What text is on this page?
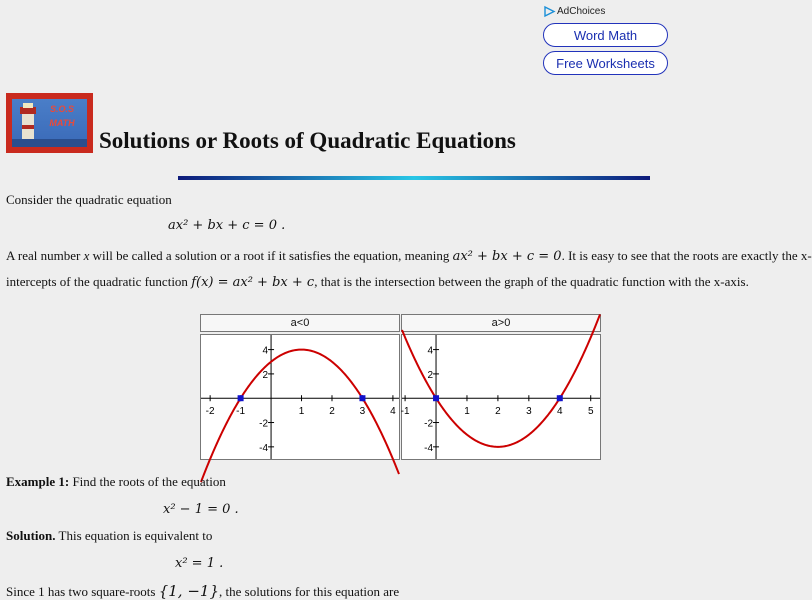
AdChoices
Word Math
Free Worksheets
S.O.S
MATH
Solutions or Roots of Quadratic Equations

Consider the quadratic equation

ax² + bx + c = 0 .

A real number x will be called a solution or a root if it satisfies the equation, meaning ax² + bx + c = 0. It is easy to see that the roots are exactly the x-

intercepts of the quadratic function f(x) = ax² + bx + c, that is the intersection between the graph of the quadratic function with the x-axis.

a<0
-2 -1	1 2 3 4
4
2
-2
-4
a>0
-1	1	2	3	4	5
4
2
-2
-4

Example 1: Find the roots of the equation

x² − 1 = 0 .

Solution. This equation is equivalent to

x² = 1 .

Since 1 has two square-roots {1, −1}, the solutions for this equation are
